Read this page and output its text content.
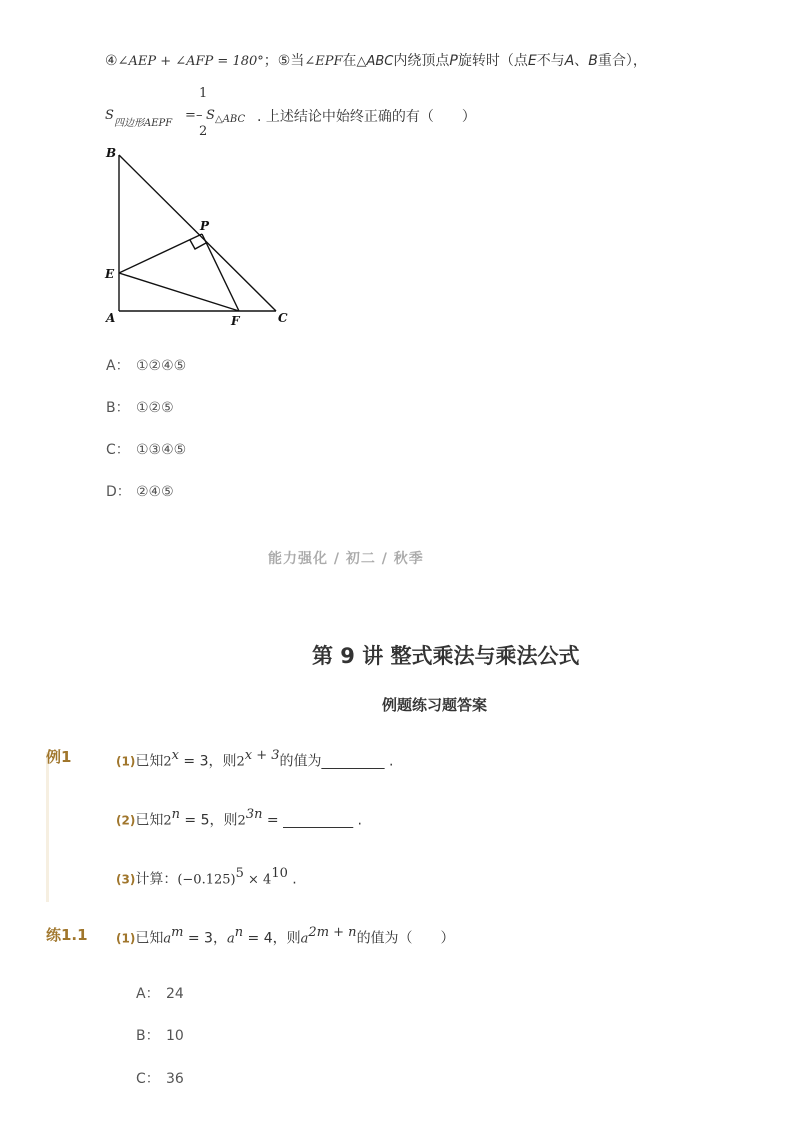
④∠AEP + ∠AFP = 180°；⑤当∠EPF在△ABC内绕顶点P旋转时（点E不与A、B重合），
S
四边形AEPF
=
1
–
2
S △ABC . 上述结论中始终正确的有（　　）
B
P
E
A	F	C
A： ①②④⑤
B： ①②⑤
C： ①③④⑤
D： ②④⑤
能力强化 / 初二 / 秋季
第 9 讲 整式乘法与乘法公式
例题练习题答案
例1	(1)已知$2^x = 3$，则$2^{x + 3}$的值为_________ .
(2)已知$2^n = 5$，则$2^{3n}$ = __________ .
(3)计算：$(-0.125)^5 \times 4^{10}$ .
练1.1 (1)已知$a^m = 3$，$a^n = 4$，则$a^{2m + n}$的值为（　　）
A： 24
B： 10
C： 36
